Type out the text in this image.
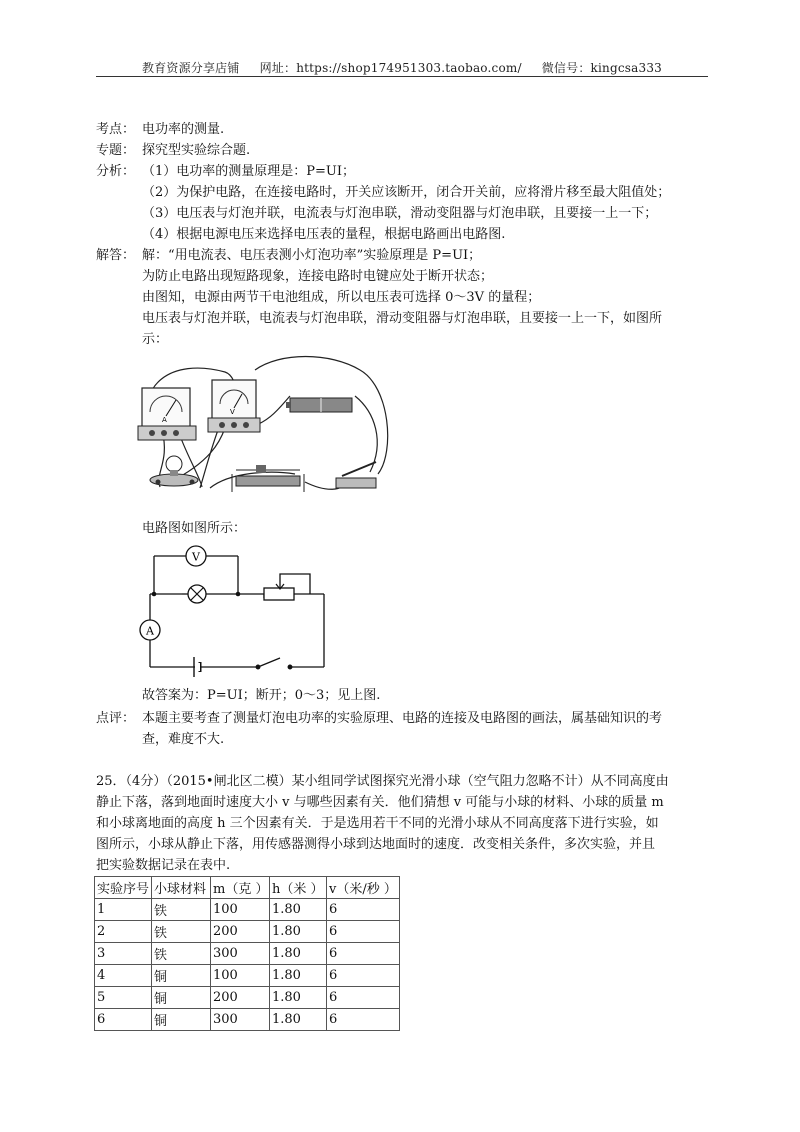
教育资源分享店铺 网址：https://shop174951303.taobao.com/ 微信号：kingcsa333
考点： 电功率的测量.
专题： 探究型实验综合题.
分析： （1）电功率的测量原理是：P=UI；
（2）为保护电路，在连接电路时，开关应该断开，闭合开关前，应将滑片移至最大阻值处；
（3）电压表与灯泡并联，电流表与灯泡串联，滑动变阻器与灯泡串联，且要接一上一下；
（4）根据电源电压来选择电压表的量程，根据电路画出电路图.
解答： 解：“用电流表、电压表测小灯泡功率”实验原理是 P=UI；
为防止电路出现短路现象，连接电路时电键应处于断开状态；
由图知，电源由两节干电池组成，所以电压表可选择 0～3V 的量程；
电压表与灯泡并联，电流表与灯泡串联，滑动变阻器与灯泡串联，且要接一上一下，如图所
示：
A
V
电路图如图所示：
V
A
故答案为：P=UI；断开；0～3；见上图.
点评： 本题主要考查了测量灯泡电功率的实验原理、电路的连接及电路图的画法，属基础知识的考
查，难度不大.
25．（4分）（2015•闸北区二模）某小组同学试图探究光滑小球（空气阻力忽略不计）从不同高度由
静止下落，落到地面时速度大小 v 与哪些因素有关．他们猜想 v 可能与小球的材料、小球的质量 m
和小球离地面的高度 h 三个因素有关．于是选用若干不同的光滑小球从不同高度落下进行实验，如
图所示，小球从静止下落，用传感器测得小球到达地面时的速度．改变相关条件，多次实验，并且
把实验数据记录在表中.
实验序号	小球材料	m（克 ）	h（米 ）	v（米/秒 ）
1	铁	100	1.80	6
2	铁	200	1.80	6
3	铁	300	1.80	6
4	铜	100	1.80	6
5	铜	200	1.80	6
6	铜	300	1.80	6
